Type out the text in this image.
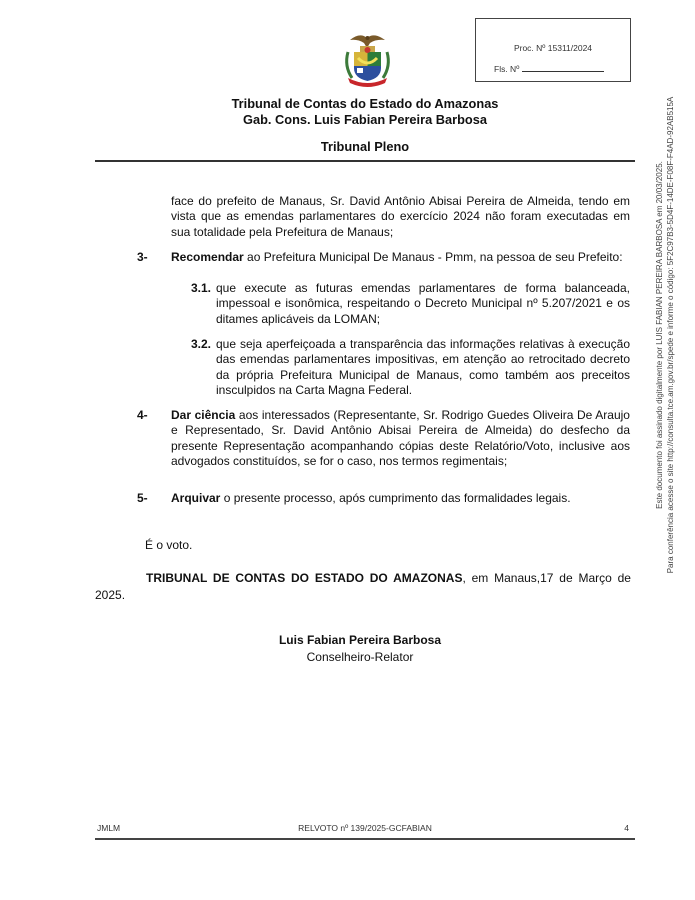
Proc. Nº 15311/2024
Fls. Nº
Tribunal de Contas do Estado do Amazonas
Gab. Cons. Luis Fabian Pereira Barbosa
Tribunal Pleno
face do prefeito de Manaus, Sr. David Antônio Abisai Pereira de Almeida, tendo em vista que as emendas parlamentares do exercício 2024 não foram executadas em sua totalidade pela Prefeitura de Manaus;
3- Recomendar ao Prefeitura Municipal De Manaus - Pmm, na pessoa de seu Prefeito:
3.1. que execute as futuras emendas parlamentares de forma balanceada, impessoal e isonômica, respeitando o Decreto Municipal nº 5.207/2021 e os ditames aplicáveis da LOMAN;
3.2. que seja aperfeiçoada a transparência das informações relativas à execução das emendas parlamentares impositivas, em atenção ao retrocitado decreto da própria Prefeitura Municipal de Manaus, como também aos preceitos insculpidos na Carta Magna Federal.
4- Dar ciência aos interessados (Representante, Sr. Rodrigo Guedes Oliveira De Araujo e Representado, Sr. David Antônio Abisai Pereira de Almeida) do desfecho da presente Representação acompanhando cópias deste Relatório/Voto, inclusive aos advogados constituídos, se for o caso, nos termos regimentais;
5- Arquivar o presente processo, após cumprimento das formalidades legais.
É o voto.
TRIBUNAL DE CONTAS DO ESTADO DO AMAZONAS, em Manaus,17 de Março de 2025.
Luis Fabian Pereira Barbosa
Conselheiro-Relator
JMLM	RELVOTO nº 139/2025-GCFABIAN	4
Este documento foi assinado digitalmente por LUIS FABIAN PEREIRA BARBOSA em 20/03/2025. Para conferência acesse o site http://consulta.tce.am.gov.br/spede e informe o código: 5F2C97B3-5D4F-14DE-F08F-F4AD-92AB515A
